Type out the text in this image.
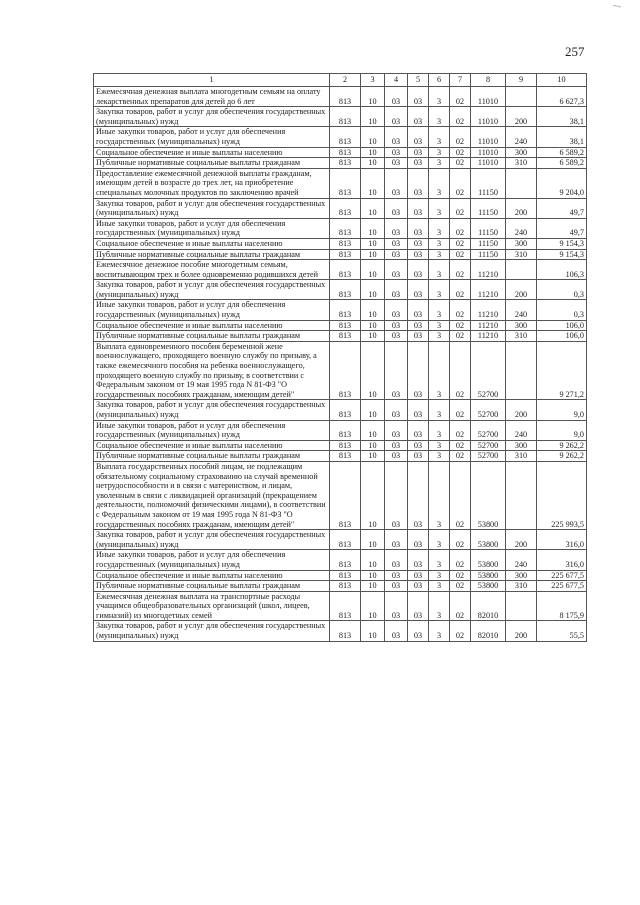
~-
257
1	2	3	4	5	6	7	8	9	10
Ежемесячная денежная выплата многодетным семьям на оплату лекарственных препаратов для детей до 6 лет	813	10	03	03	3	02	11010		6 627,3
Закупка товаров, работ и услуг для обеспечения государственных (муниципальных) нужд	813	10	03	03	3	02	11010	200	38,1
Иные закупки товаров, работ и услуг для обеспечения государственных (муниципальных) нужд	813	10	03	03	3	02	11010	240	38,1
Социальное обеспечение и иные выплаты населению	813	10	03	03	3	02	11010	300	6 589,2
Публичные нормативные социальные выплаты гражданам	813	10	03	03	3	02	11010	310	6 589,2
Предоставление ежемесячной денежной выплаты гражданам, имеющим детей в возрасте до трех лет, на приобретение специальных молочных продуктов по заключению врачей	813	10	03	03	3	02	11150		9 204,0
Закупка товаров, работ и услуг для обеспечения государственных (муниципальных) нужд	813	10	03	03	3	02	11150	200	49,7
Иные закупки товаров, работ и услуг для обеспечения государственных (муниципальных) нужд	813	10	03	03	3	02	11150	240	49,7
Социальное обеспечение и иные выплаты населению	813	10	03	03	3	02	11150	300	9 154,3
Публичные нормативные социальные выплаты гражданам	813	10	03	03	3	02	11150	310	9 154,3
Ежемесячное денежное пособие многодетным семьям, воспитывающим трех и более одновременно родившихся детей	813	10	03	03	3	02	11210		106,3
Закупка товаров, работ и услуг для обеспечения государственных (муниципальных) нужд	813	10	03	03	3	02	11210	200	0,3
Иные закупки товаров, работ и услуг для обеспечения государственных (муниципальных) нужд	813	10	03	03	3	02	11210	240	0,3
Социальное обеспечение и иные выплаты населению	813	10	03	03	3	02	11210	300	106,0
Публичные нормативные социальные выплаты гражданам	813	10	03	03	3	02	11210	310	106,0
Выплата единовременного пособия беременной жене военнослужащего, проходящего военную службу по призыву, а также ежемесячного пособия на ребенка военнослужащего, проходящего военную службу по призыву, в соответствии с Федеральным законом от 19 мая 1995 года N 81-ФЗ "О государственных пособиях гражданам, имеющим детей"	813	10	03	03	3	02	52700		9 271,2
Закупка товаров, работ и услуг для обеспечения государственных (муниципальных) нужд	813	10	03	03	3	02	52700	200	9,0
Иные закупки товаров, работ и услуг для обеспечения государственных (муниципальных) нужд	813	10	03	03	3	02	52700	240	9,0
Социальное обеспечение и иные выплаты населению	813	10	03	03	3	02	52700	300	9 262,2
Публичные нормативные социальные выплаты гражданам	813	10	03	03	3	02	52700	310	9 262,2
Выплата государственных пособий лицам, не подлежащим обязательному социальному страхованию на случай временной нетрудоспособности и в связи с материнством, и лицам, уволенным в связи с ликвидацией организаций (прекращением деятельности, полномочий физическими лицами), в соответствии с Федеральным законом от 19 мая 1995 года N 81-ФЗ "О государственных пособиях гражданам, имеющим детей"	813	10	03	03	3	02	53800		225 993,5
Закупка товаров, работ и услуг для обеспечения государственных (муниципальных) нужд	813	10	03	03	3	02	53800	200	316,0
Иные закупки товаров, работ и услуг для обеспечения государственных (муниципальных) нужд	813	10	03	03	3	02	53800	240	316,0
Социальное обеспечение и иные выплаты населению	813	10	03	03	3	02	53800	300	225 677,5
Публичные нормативные социальные выплаты гражданам	813	10	03	03	3	02	53800	310	225 677,5
Ежемесячная денежная выплата на транспортные расходы учащимся общеобразовательных организаций (школ, лицеев, гимназий) из многодетных семей	813	10	03	03	3	02	82010		8 175,9
Закупка товаров, работ и услуг для обеспечения государственных (муниципальных) нужд	813	10	03	03	3	02	82010	200	55,5
